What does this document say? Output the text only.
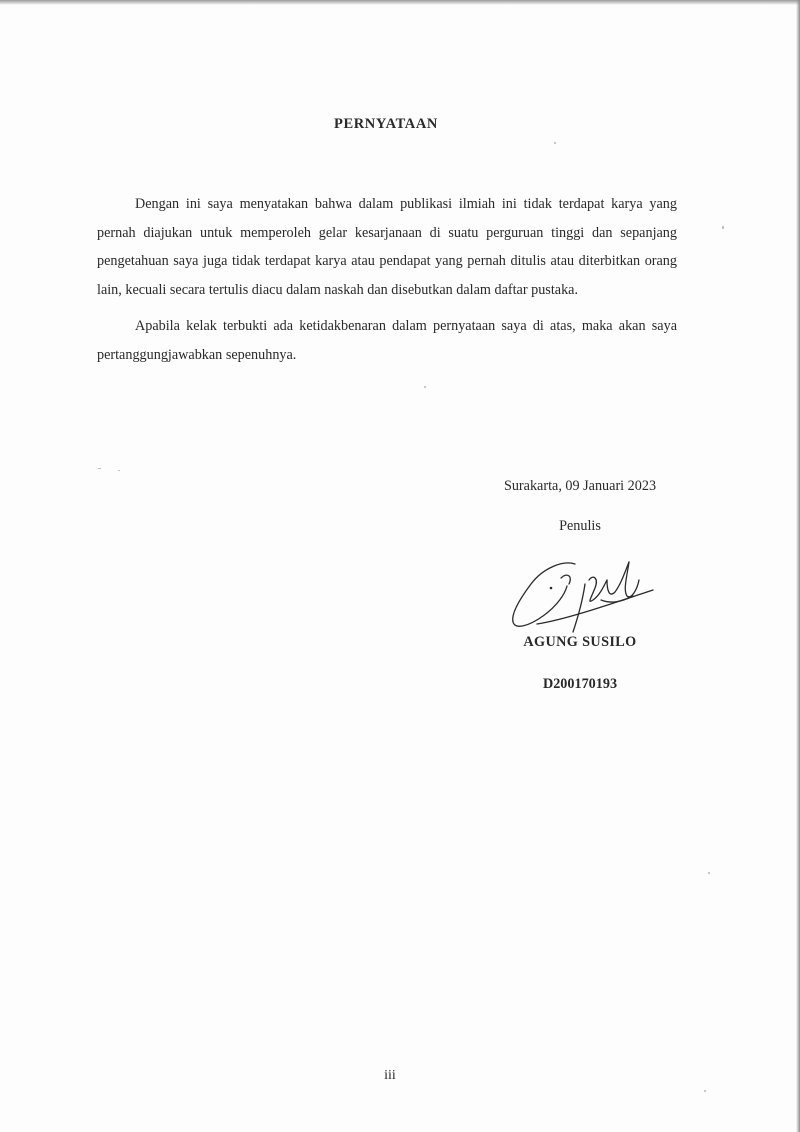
PERNYATAAN

Dengan ini saya menyatakan bahwa dalam publikasi ilmiah ini tidak terdapat karya yang pernah diajukan untuk memperoleh gelar kesarjanaan di suatu perguruan tinggi dan sepanjang pengetahuan saya juga tidak terdapat karya atau pendapat yang pernah ditulis atau diterbitkan orang lain, kecuali secara tertulis diacu dalam naskah dan disebutkan dalam daftar pustaka.

Apabila kelak terbukti ada ketidakbenaran dalam pernyataan saya di atas, maka akan saya pertanggungjawabkan sepenuhnya.

Surakarta, 09 Januari 2023
Penulis
AGUNG SUSILO
D200170193
iii
